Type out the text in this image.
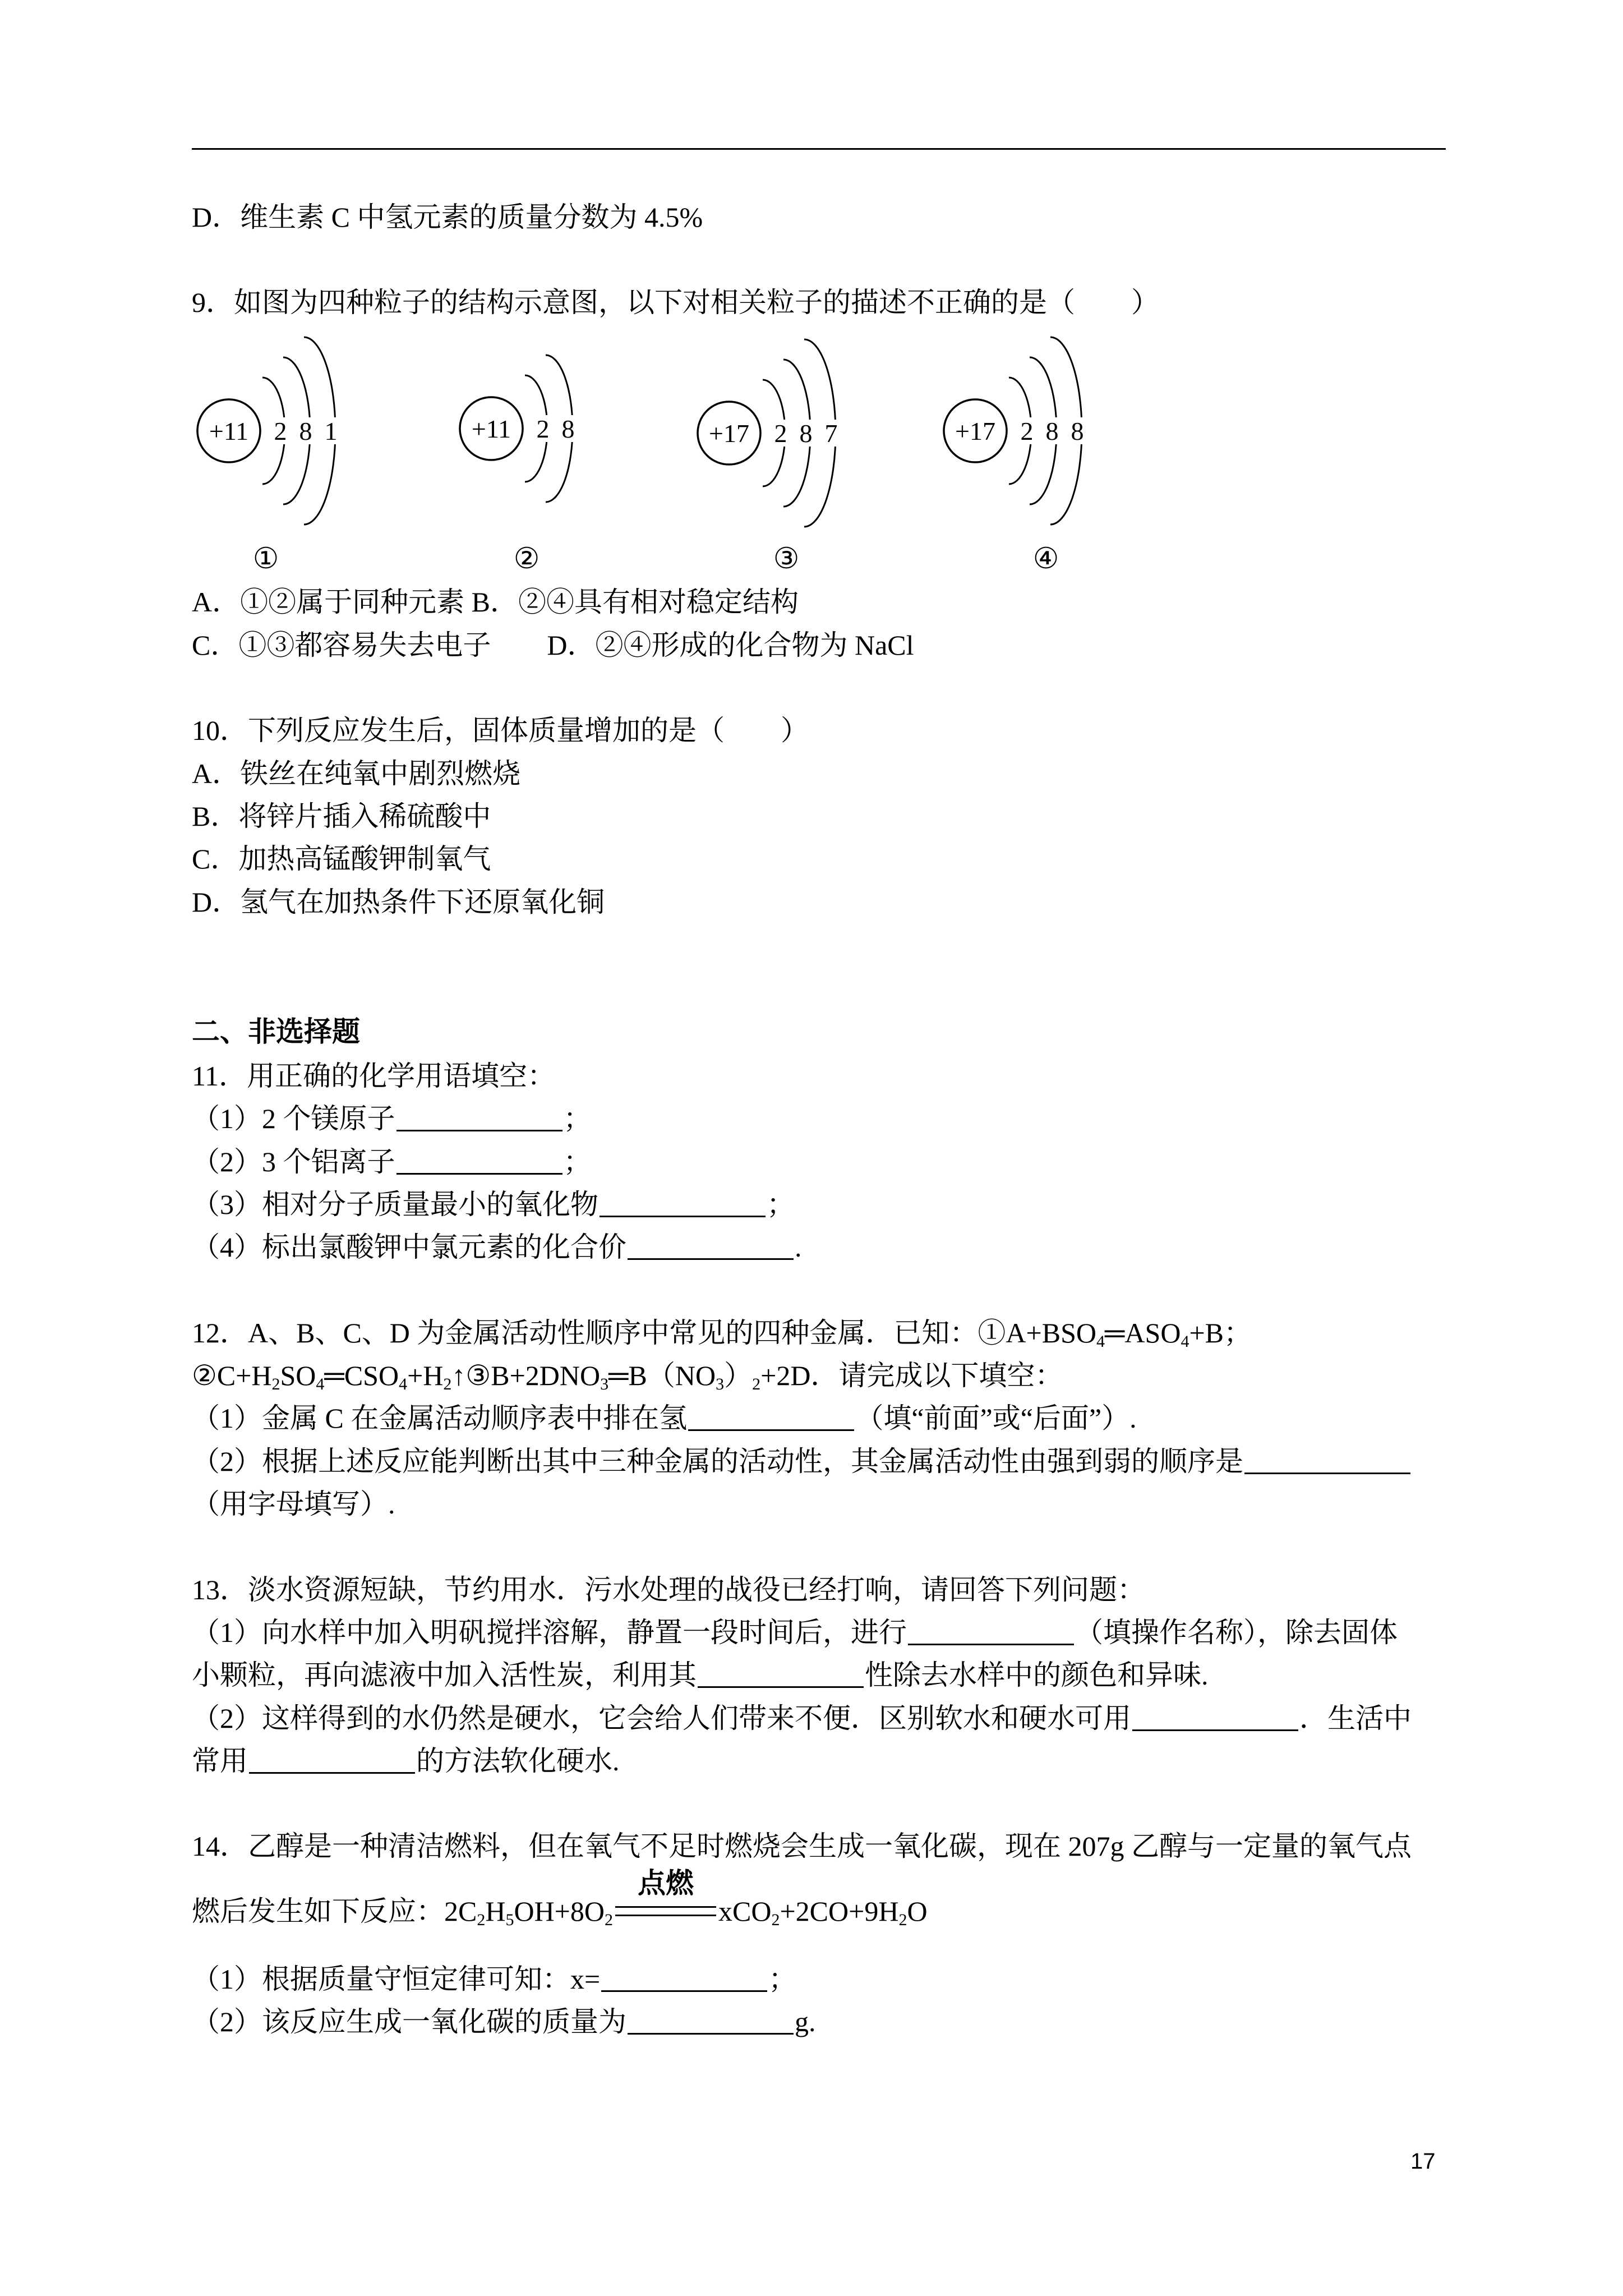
D．维生素 C 中氢元素的质量分数为 4.5%
9．如图为四种粒子的结构示意图，以下对相关粒子的描述不正确的是（　　）
+11 2 8 1
①
+11 2 8
②
+17 2 8 7
③
+17 2 8 8
④
A．①②属于同种元素 B．②④具有相对稳定结构
C．①③都容易失去电子　　D．②④形成的化合物为 NaCl
10．下列反应发生后，固体质量增加的是（　　）
A．铁丝在纯氧中剧烈燃烧
B．将锌片插入稀硫酸中
C．加热高锰酸钾制氧气
D．氢气在加热条件下还原氧化铜
二、非选择题
11．用正确的化学用语填空：
（1）2 个镁原子	；
（2）3 个铝离子	；
（3）相对分子质量最小的氧化物	；
（4）标出氯酸钾中氯元素的化合价	.
12．A、B、C、D 为金属活动性顺序中常见的四种金属．已知：$①A+BSO_4═ASO_4+B$；
$②C+H_2SO_4═CSO_4+H_2↑③B+2DNO_3═B(NO_3)_2+2D$．请完成以下填空：
（1）金属 C 在金属活动顺序表中排在氢	（填“前面”或“后面”）.
（2）根据上述反应能判断出其中三种金属的活动性，其金属活动性由强到弱的顺序是
（用字母填写）.
13．淡水资源短缺，节约用水．污水处理的战役已经打响，请回答下列问题：
（1）向水样中加入明矾搅拌溶解，静置一段时间后，进行	（填操作名称），除去固体
小颗粒，再向滤液中加入活性炭，利用其	性除去水样中的颜色和异味.
（2）这样得到的水仍然是硬水，它会给人们带来不便．区别软水和硬水可用	．生活中
常用	的方法软化硬水.
14．乙醇是一种清洁燃料，但在氧气不足时燃烧会生成一氧化碳，现在 207g 乙醇与一定量的氧气点
燃后发生如下反应：$2C_2H_5OH+8O_2$
点燃
$xCO_2+2CO+9H_2O$
（1）根据质量守恒定律可知：x=	；
（2）该反应生成一氧化碳的质量为	g.
17
